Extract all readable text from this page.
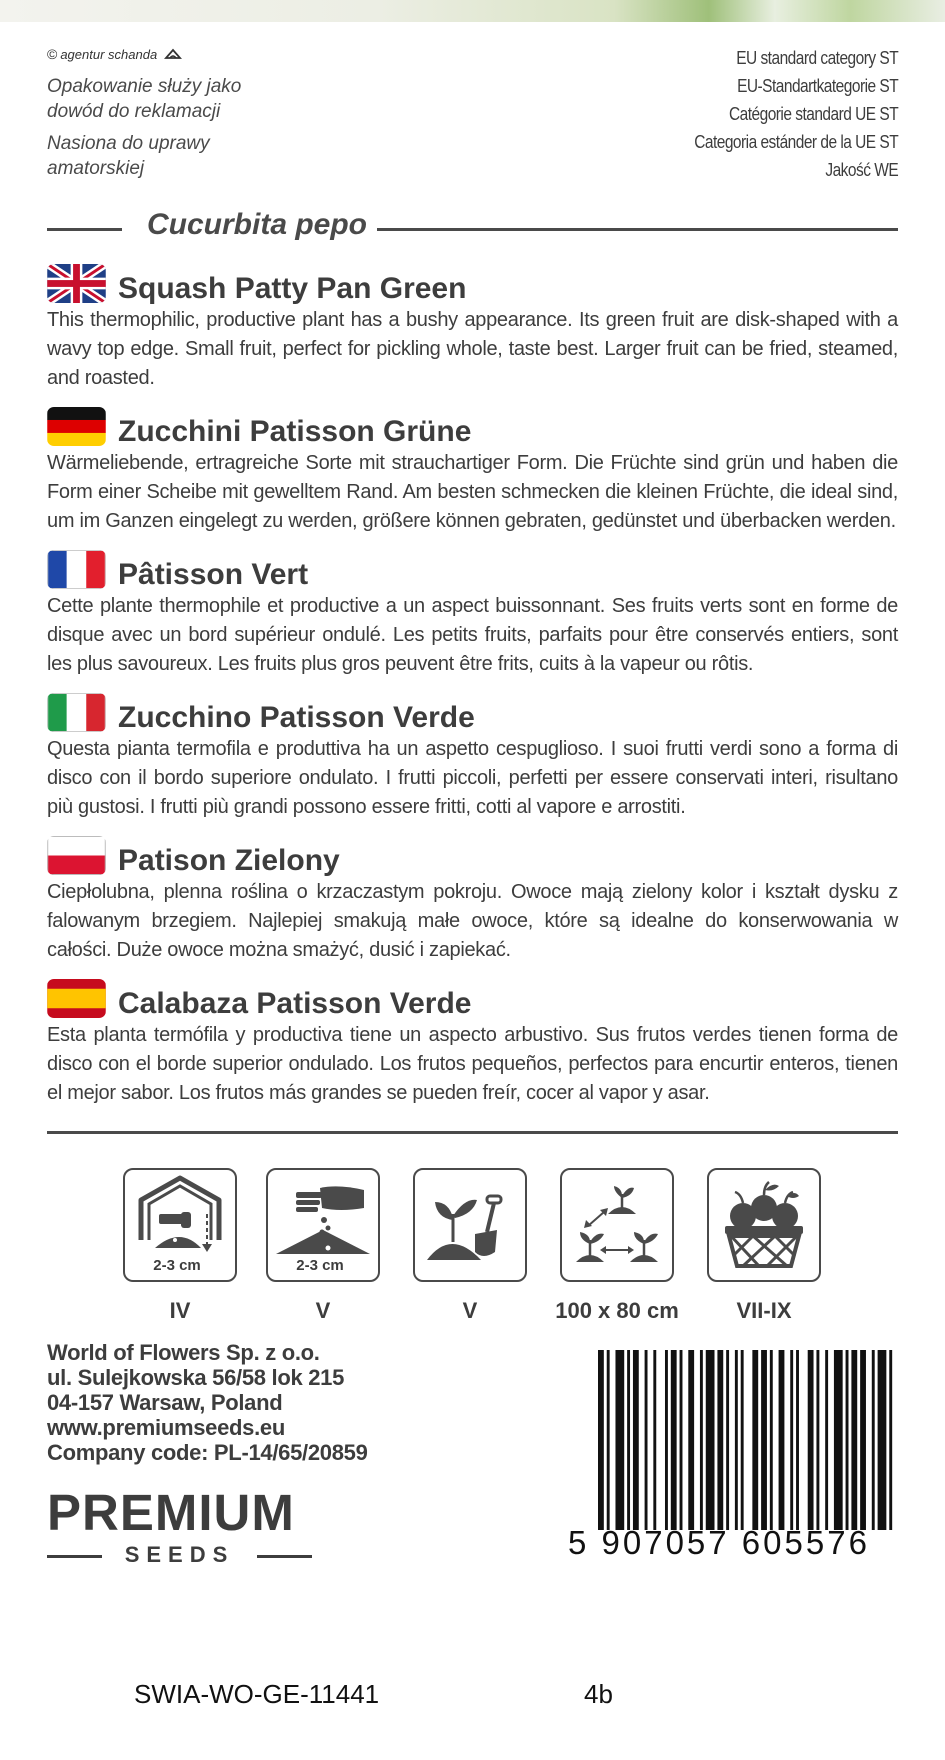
© agentur schanda

Opakowanie służy jako dowód do reklamacji

Nasiona do uprawy amatorskiej

EU standard category ST
EU-Standartkategorie ST
Catégorie standard UE ST
Categoria estánder de la UE ST
Jakość WE
Cucurbita pepo
Squash Patty Pan Green
This thermophilic, productive plant has a bushy appearance. Its green fruit are disk-shaped with a wavy top edge. Small fruit, perfect for pickling whole, taste best. Larger fruit can be fried, steamed, and roasted.
Zucchini Patisson Grüne
Wärmeliebende, ertragreiche Sorte mit strauchartiger Form. Die Früchte sind grün und haben die Form einer Scheibe mit gewelltem Rand. Am besten schmecken die kleinen Früchte, die ideal sind, um im Ganzen eingelegt zu werden, größere können gebraten, gedünstet und überbacken werden.
Pâtisson Vert
Cette plante thermophile et productive a un aspect buissonnant. Ses fruits verts sont en forme de disque avec un bord supérieur ondulé. Les petits fruits, parfaits pour être conservés entiers, sont les plus savoureux. Les fruits plus gros peuvent être frits, cuits à la vapeur ou rôtis.
Zucchino Patisson Verde
Questa pianta termofila e produttiva ha un aspetto cespuglioso. I suoi frutti verdi sono a forma di disco con il bordo superiore ondulato. I frutti piccoli, perfetti per essere conservati interi, risultano più gustosi. I frutti più grandi possono essere fritti, cotti al vapore e arrostiti.
Patison Zielony
Ciepłolubna, plenna roślina o krzaczastym pokroju. Owoce mają zielony kolor i kształt dysku z falowanym brzegiem. Najlepiej smakują małe owoce, które są idealne do konserwowania w całości. Duże owoce można smażyć, dusić i zapiekać.
Calabaza Patisson Verde
Esta planta termófila y productiva tiene un aspecto arbustivo. Sus frutos verdes tienen forma de disco con el borde superior ondulado. Los frutos pequeños, perfectos para encurtir enteros, tienen el mejor sabor. Los frutos más grandes se pueden freír, cocer al vapor y asar.
2-3 cm	2-3 cm
IV	V	V	100 x 80 cm	VII-IX
World of Flowers Sp. z o.o.
ul. Sulejkowska 56/58 lok 215
04-157 Warsaw, Poland
www.premiumseeds.eu
Company code: PL-14/65/20859
PREMIUM
SEEDS	5 907057 605576
SWIA-WO-GE-11441	4b
